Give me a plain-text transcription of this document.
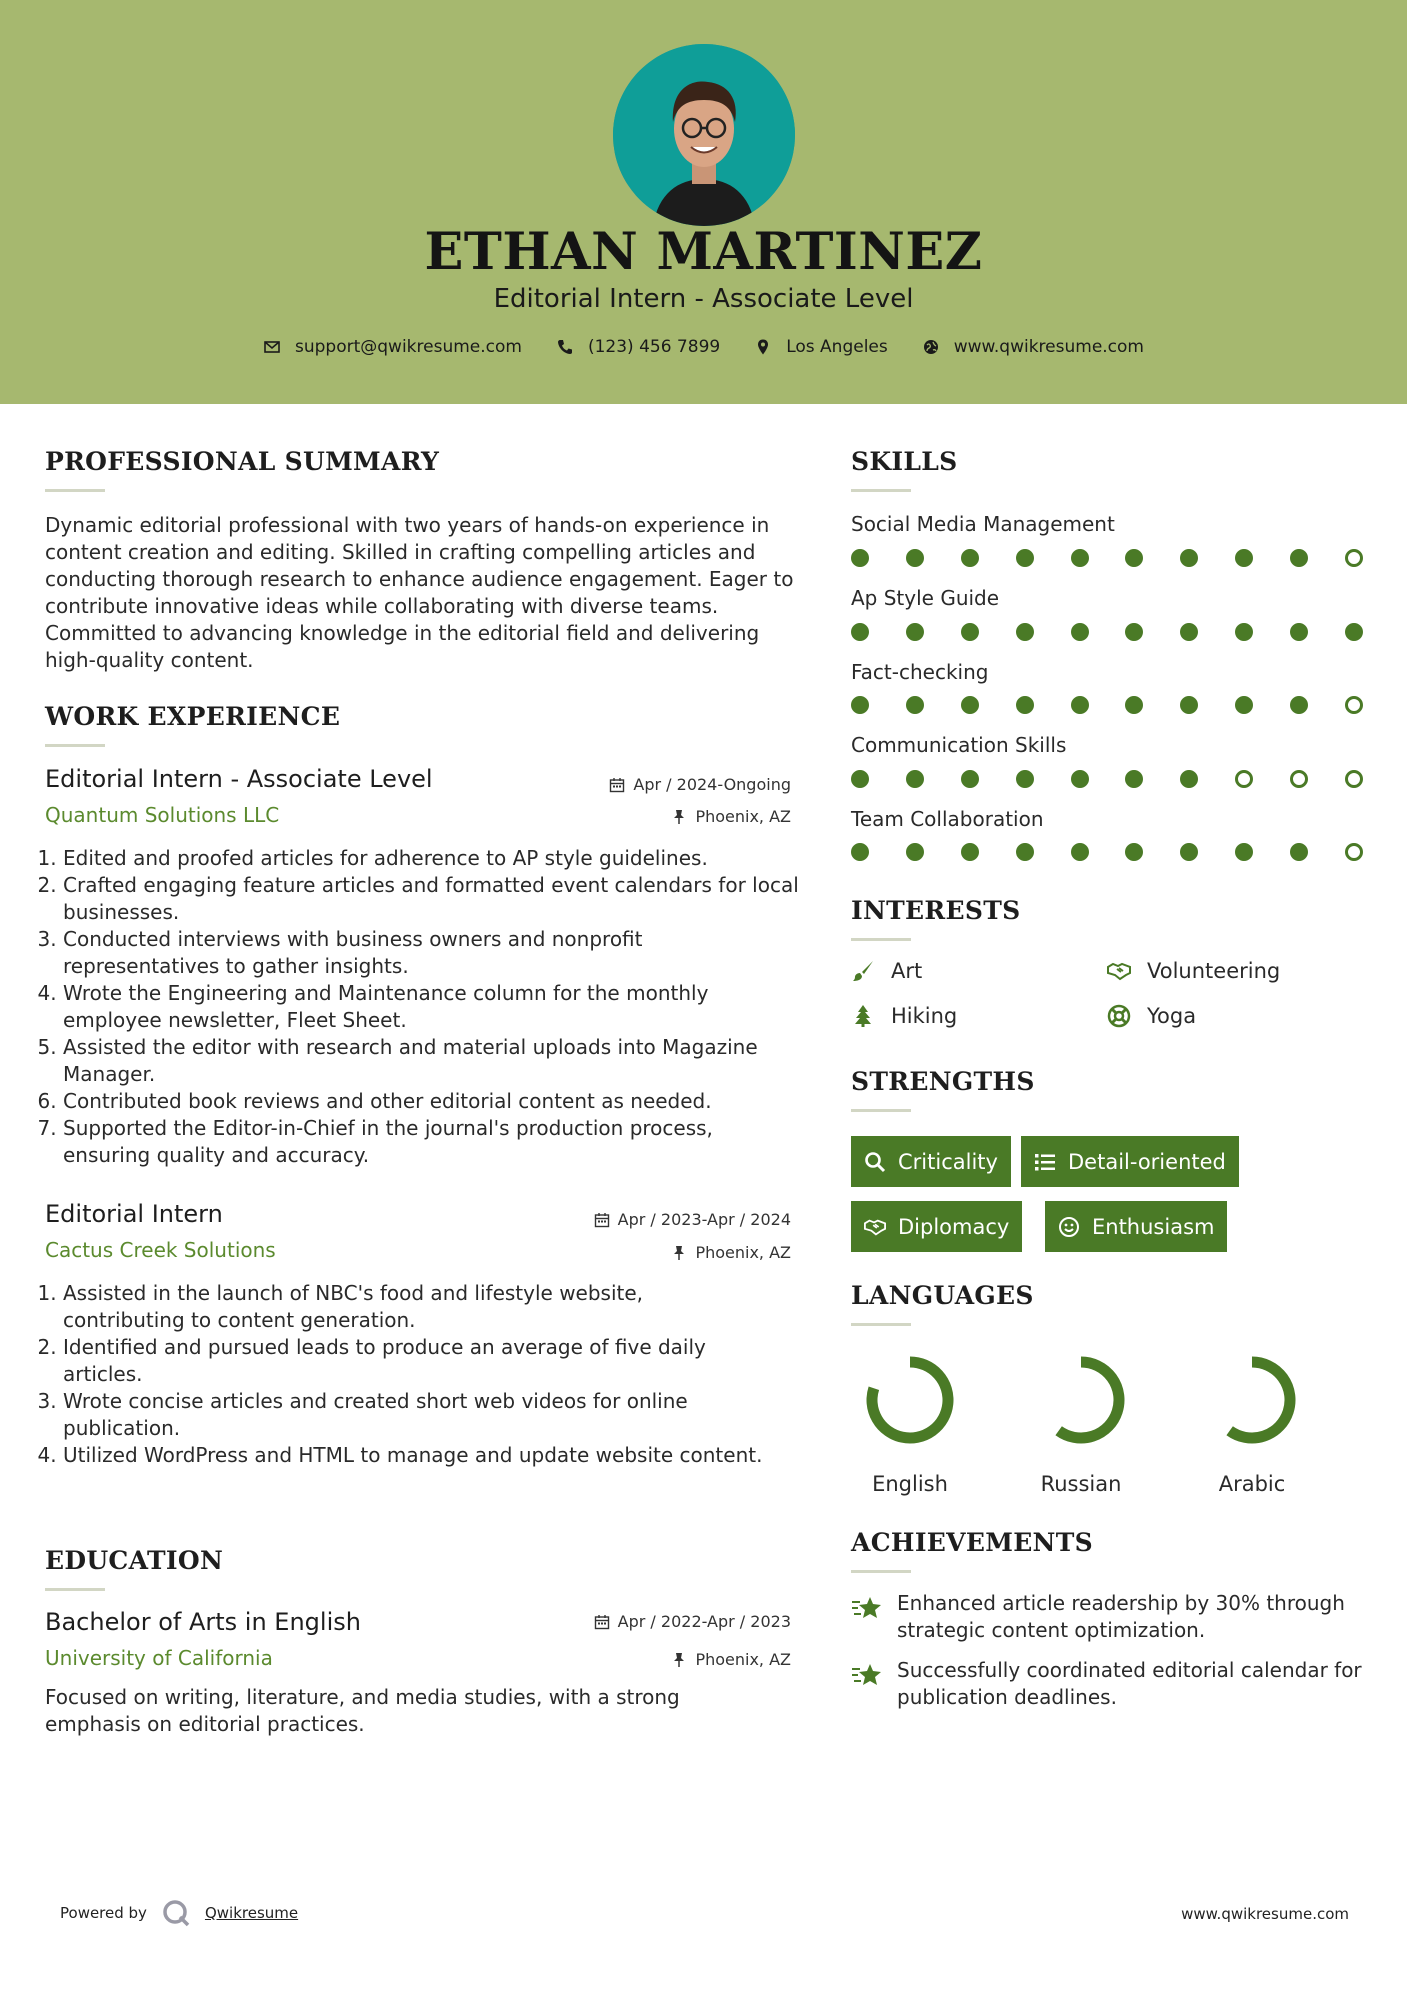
ETHAN MARTINEZ
Editorial Intern - Associate Level
support@qwikresume.com	(123) 456 7899	Los Angeles	www.qwikresume.com
PROFESSIONAL SUMMARY
Dynamic editorial professional with two years of hands-on experience in content creation and editing. Skilled in crafting compelling articles and conducting thorough research to enhance audience engagement. Eager to contribute innovative ideas while collaborating with diverse teams. Committed to advancing knowledge in the editorial field and delivering high-quality content.
WORK EXPERIENCE
Editorial Intern - Associate Level
Quantum Solutions LLC
Apr / 2024-Ongoing
Phoenix, AZ
1. Edited and proofed articles for adherence to AP style guidelines.
2. Crafted engaging feature articles and formatted event calendars for local businesses.
3. Conducted interviews with business owners and nonprofit representatives to gather insights.
4. Wrote the Engineering and Maintenance column for the monthly employee newsletter, Fleet Sheet.
5. Assisted the editor with research and material uploads into Magazine Manager.
6. Contributed book reviews and other editorial content as needed.
7. Supported the Editor-in-Chief in the journal's production process, ensuring quality and accuracy.
Editorial Intern
Cactus Creek Solutions
Apr / 2023-Apr / 2024
Phoenix, AZ
1. Assisted in the launch of NBC's food and lifestyle website, contributing to content generation.
2. Identified and pursued leads to produce an average of five daily articles.
3. Wrote concise articles and created short web videos for online publication.
4. Utilized WordPress and HTML to manage and update website content.
EDUCATION
Bachelor of Arts in English
University of California
Apr / 2022-Apr / 2023
Phoenix, AZ
Focused on writing, literature, and media studies, with a strong emphasis on editorial practices.
SKILLS
Social Media Management
Ap Style Guide
Fact-checking
Communication Skills
Team Collaboration
INTERESTS
Art	Volunteering
Hiking	Yoga
STRENGTHS
Criticality	Detail-oriented
Diplomacy	Enthusiasm
LANGUAGES
English	Russian	Arabic
ACHIEVEMENTS
Enhanced article readership by 30% through strategic content optimization.
Successfully coordinated editorial calendar for publication deadlines.
Powered by	Qwikresume	www.qwikresume.com
